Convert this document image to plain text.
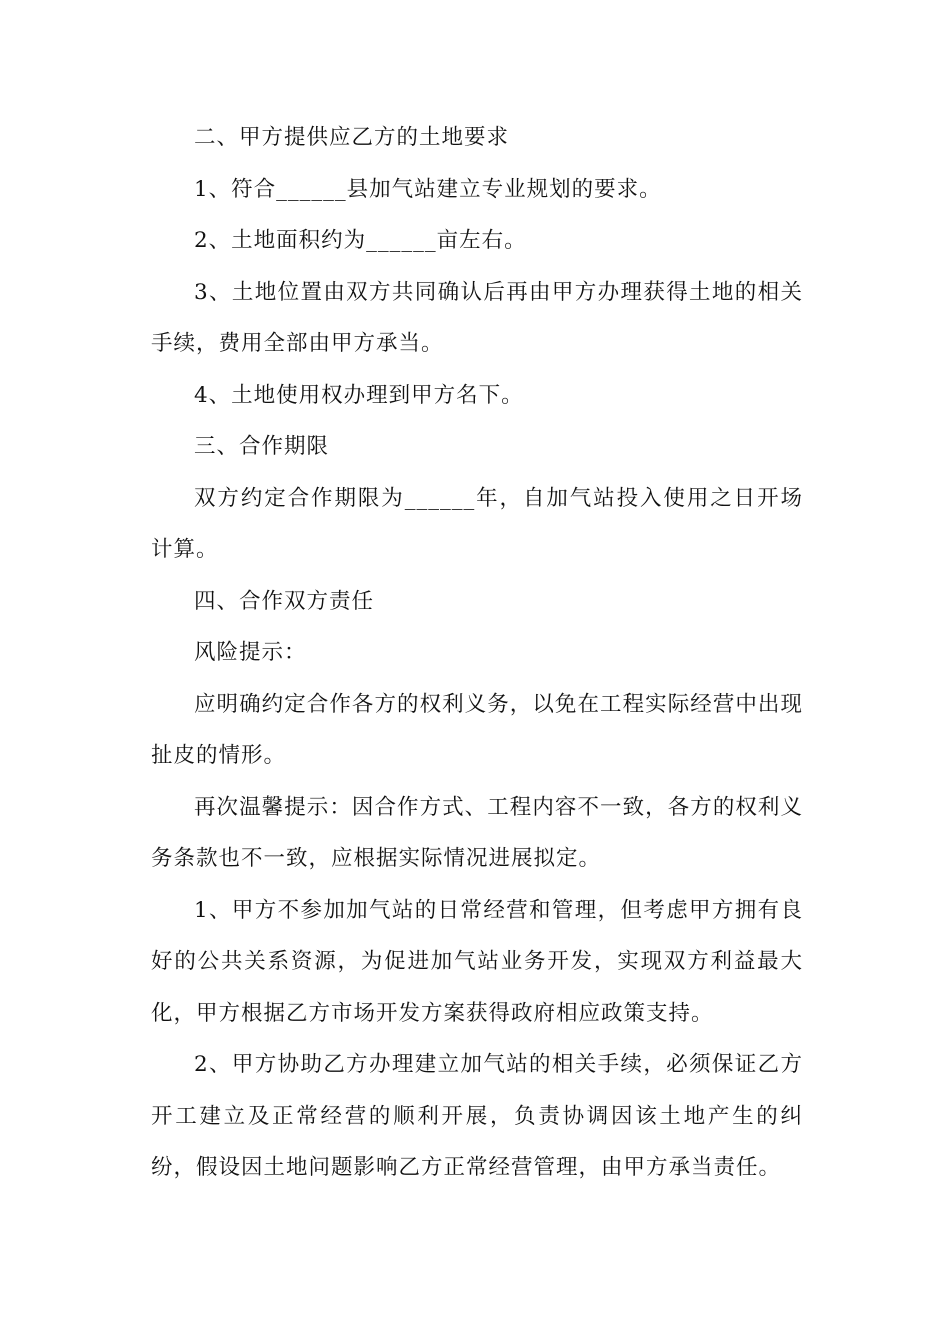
二、甲方提供应乙方的土地要求

1、符合______县加气站建立专业规划的要求。

2、土地面积约为______亩左右。

3、土地位置由双方共同确认后再由甲方办理获得土地的相关手续，费用全部由甲方承当。

4、土地使用权办理到甲方名下。

三、合作期限

双方约定合作期限为______年，自加气站投入使用之日开场计算。

四、合作双方责任

风险提示：

应明确约定合作各方的权利义务，以免在工程实际经营中出现扯皮的情形。

再次温馨提示：因合作方式、工程内容不一致，各方的权利义务条款也不一致，应根据实际情况进展拟定。

1、甲方不参加加气站的日常经营和管理，但考虑甲方拥有良好的公共关系资源，为促进加气站业务开发，实现双方利益最大化，甲方根据乙方市场开发方案获得政府相应政策支持。

2、甲方协助乙方办理建立加气站的相关手续，必须保证乙方开工建立及正常经营的顺利开展，负责协调因该土地产生的纠纷，假设因土地问题影响乙方正常经营管理，由甲方承当责任。
